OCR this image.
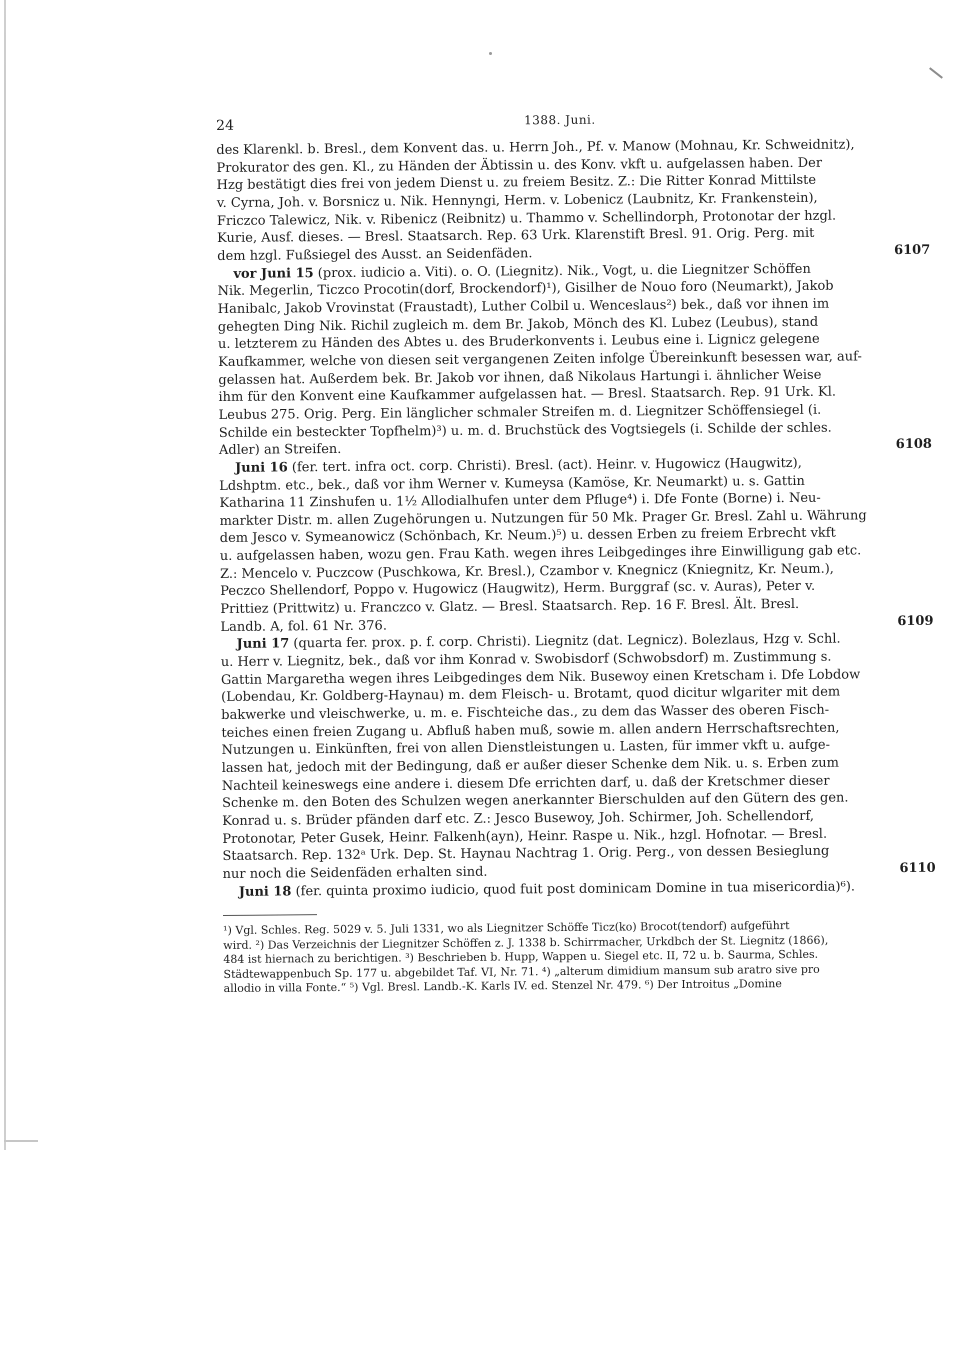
24	1388. Juni.

des Klarenkl. b. Bresl., dem Konvent das. u. Herrn Joh., Pf. v. Manow (Mohnau, Kr. Schweidnitz),
Prokurator des gen. Kl., zu Händen der Äbtissin u. des Konv. vkft u. aufgelassen haben. Der
Hzg bestätigt dies frei von jedem Dienst u. zu freiem Besitz. Z.: Die Ritter Konrad Mittilste
v. Cyrna, Joh. v. Borsnicz u. Nik. Hennyngi, Herm. v. Lobenicz (Laubnitz, Kr. Frankenstein),
Friczco Talewicz, Nik. v. Ribenicz (Reibnitz) u. Thammo v. Schellindorph, Protonotar der hzgl.
Kurie, Ausf. dieses. — Bresl. Staatsarch. Rep. 63 Urk. Klarenstift Bresl. 91. Orig. Perg. mit
dem hzgl. Fußsiegel des Ausst. an Seidenfäden.	6107

vor Juni 15 (prox. iudicio a. Viti). o. O. (Liegnitz). Nik., Vogt, u. die Liegnitzer Schöffen
Nik. Megerlin, Ticzco Procotin(dorf, Brockendorf)¹), Gisilher de Nouo foro (Neumarkt), Jakob
Hanibalc, Jakob Vrovinstat (Fraustadt), Luther Colbil u. Wenceslaus²) bek., daß vor ihnen im
gehegten Ding Nik. Richil zugleich m. dem Br. Jakob, Mönch des Kl. Lubez (Leubus), stand
u. letzterem zu Händen des Abtes u. des Bruderkonvents i. Leubus eine i. Lignicz gelegene
Kaufkammer, welche von diesen seit vergangenen Zeiten infolge Übereinkunft besessen war, auf-
gelassen hat. Außerdem bek. Br. Jakob vor ihnen, daß Nikolaus Hartungi i. ähnlicher Weise
ihm für den Konvent eine Kaufkammer aufgelassen hat. — Bresl. Staatsarch. Rep. 91 Urk. Kl.
Leubus 275. Orig. Perg. Ein länglicher schmaler Streifen m. d. Liegnitzer Schöffensiegel (i.
Schilde ein besteckter Topfhelm)³) u. m. d. Bruchstück des Vogtsiegels (i. Schilde der schles.
Adler) an Streifen.	6108

Juni 16 (fer. tert. infra oct. corp. Christi). Bresl. (act). Heinr. v. Hugowicz (Haugwitz),
Ldshptm. etc., bek., daß vor ihm Werner v. Kumeysa (Kamöse, Kr. Neumarkt) u. s. Gattin
Katharina 11 Zinshufen u. 1½ Allodialhufen unter dem Pfluge⁴) i. Dfe Fonte (Borne) i. Neu-
markter Distr. m. allen Zugehörungen u. Nutzungen für 50 Mk. Prager Gr. Bresl. Zahl u. Währung
dem Jesco v. Symeanowicz (Schönbach, Kr. Neum.)⁵) u. dessen Erben zu freiem Erbrecht vkft
u. aufgelassen haben, wozu gen. Frau Kath. wegen ihres Leibgedinges ihre Einwilligung gab etc.
Z.: Mencelo v. Puczcow (Puschkowa, Kr. Bresl.), Czambor v. Knegnicz (Kniegnitz, Kr. Neum.),
Peczco Shellendorf, Poppo v. Hugowicz (Haugwitz), Herm. Burggraf (sc. v. Auras), Peter v.
Prittiez (Prittwitz) u. Franczco v. Glatz. — Bresl. Staatsarch. Rep. 16 F. Bresl. Ält. Bresl.
Landb. A, fol. 61 Nr. 376.	6109

Juni 17 (quarta fer. prox. p. f. corp. Christi). Liegnitz (dat. Legnicz). Bolezlaus, Hzg v. Schl.
u. Herr v. Liegnitz, bek., daß vor ihm Konrad v. Swobisdorf (Schwobsdorf) m. Zustimmung s.
Gattin Margaretha wegen ihres Leibgedinges dem Nik. Busewoy einen Kretscham i. Dfe Lobdow
(Lobendau, Kr. Goldberg-Haynau) m. dem Fleisch- u. Brotamt, quod dicitur wlgariter mit dem
bakwerke und vleischwerke, u. m. e. Fischteiche das., zu dem das Wasser des oberen Fisch-
teiches einen freien Zugang u. Abfluß haben muß, sowie m. allen andern Herrschaftsrechten,
Nutzungen u. Einkünften, frei von allen Dienstleistungen u. Lasten, für immer vkft u. aufge-
lassen hat, jedoch mit der Bedingung, daß er außer dieser Schenke dem Nik. u. s. Erben zum
Nachteil keineswegs eine andere i. diesem Dfe errichten darf, u. daß der Kretschmer dieser
Schenke m. den Boten des Schulzen wegen anerkannter Bierschulden auf den Gütern des gen.
Konrad u. s. Brüder pfänden darf etc. Z.: Jesco Busewoy, Joh. Schirmer, Joh. Schellendorf,
Protonotar, Peter Gusek, Heinr. Falkenh(ayn), Heinr. Raspe u. Nik., hzgl. Hofnotar. — Bresl.
Staatsarch. Rep. 132ᵃ Urk. Dep. St. Haynau Nachtrag 1. Orig. Perg., von dessen Besieglung
nur noch die Seidenfäden erhalten sind.	6110

Juni 18 (fer. quinta proximo iudicio, quod fuit post dominicam Domine in tua misericordia)⁶).

¹) Vgl. Schles. Reg. 5029 v. 5. Juli 1331, wo als Liegnitzer Schöffe Ticz(ko) Brocot(tendorf) aufgeführt
wird. ²) Das Verzeichnis der Liegnitzer Schöffen z. J. 1338 b. Schirrmacher, Urkdbch der St. Liegnitz (1866),
484 ist hiernach zu berichtigen. ³) Beschrieben b. Hupp, Wappen u. Siegel etc. II, 72 u. b. Saurma, Schles.
Städtewappenbuch Sp. 177 u. abgebildet Taf. VI, Nr. 71. ⁴) „alterum dimidium mansum sub aratro sive pro
allodio in villa Fonte.“ ⁵) Vgl. Bresl. Landb.-K. Karls IV. ed. Stenzel Nr. 479. ⁶) Der Introitus „Domine
